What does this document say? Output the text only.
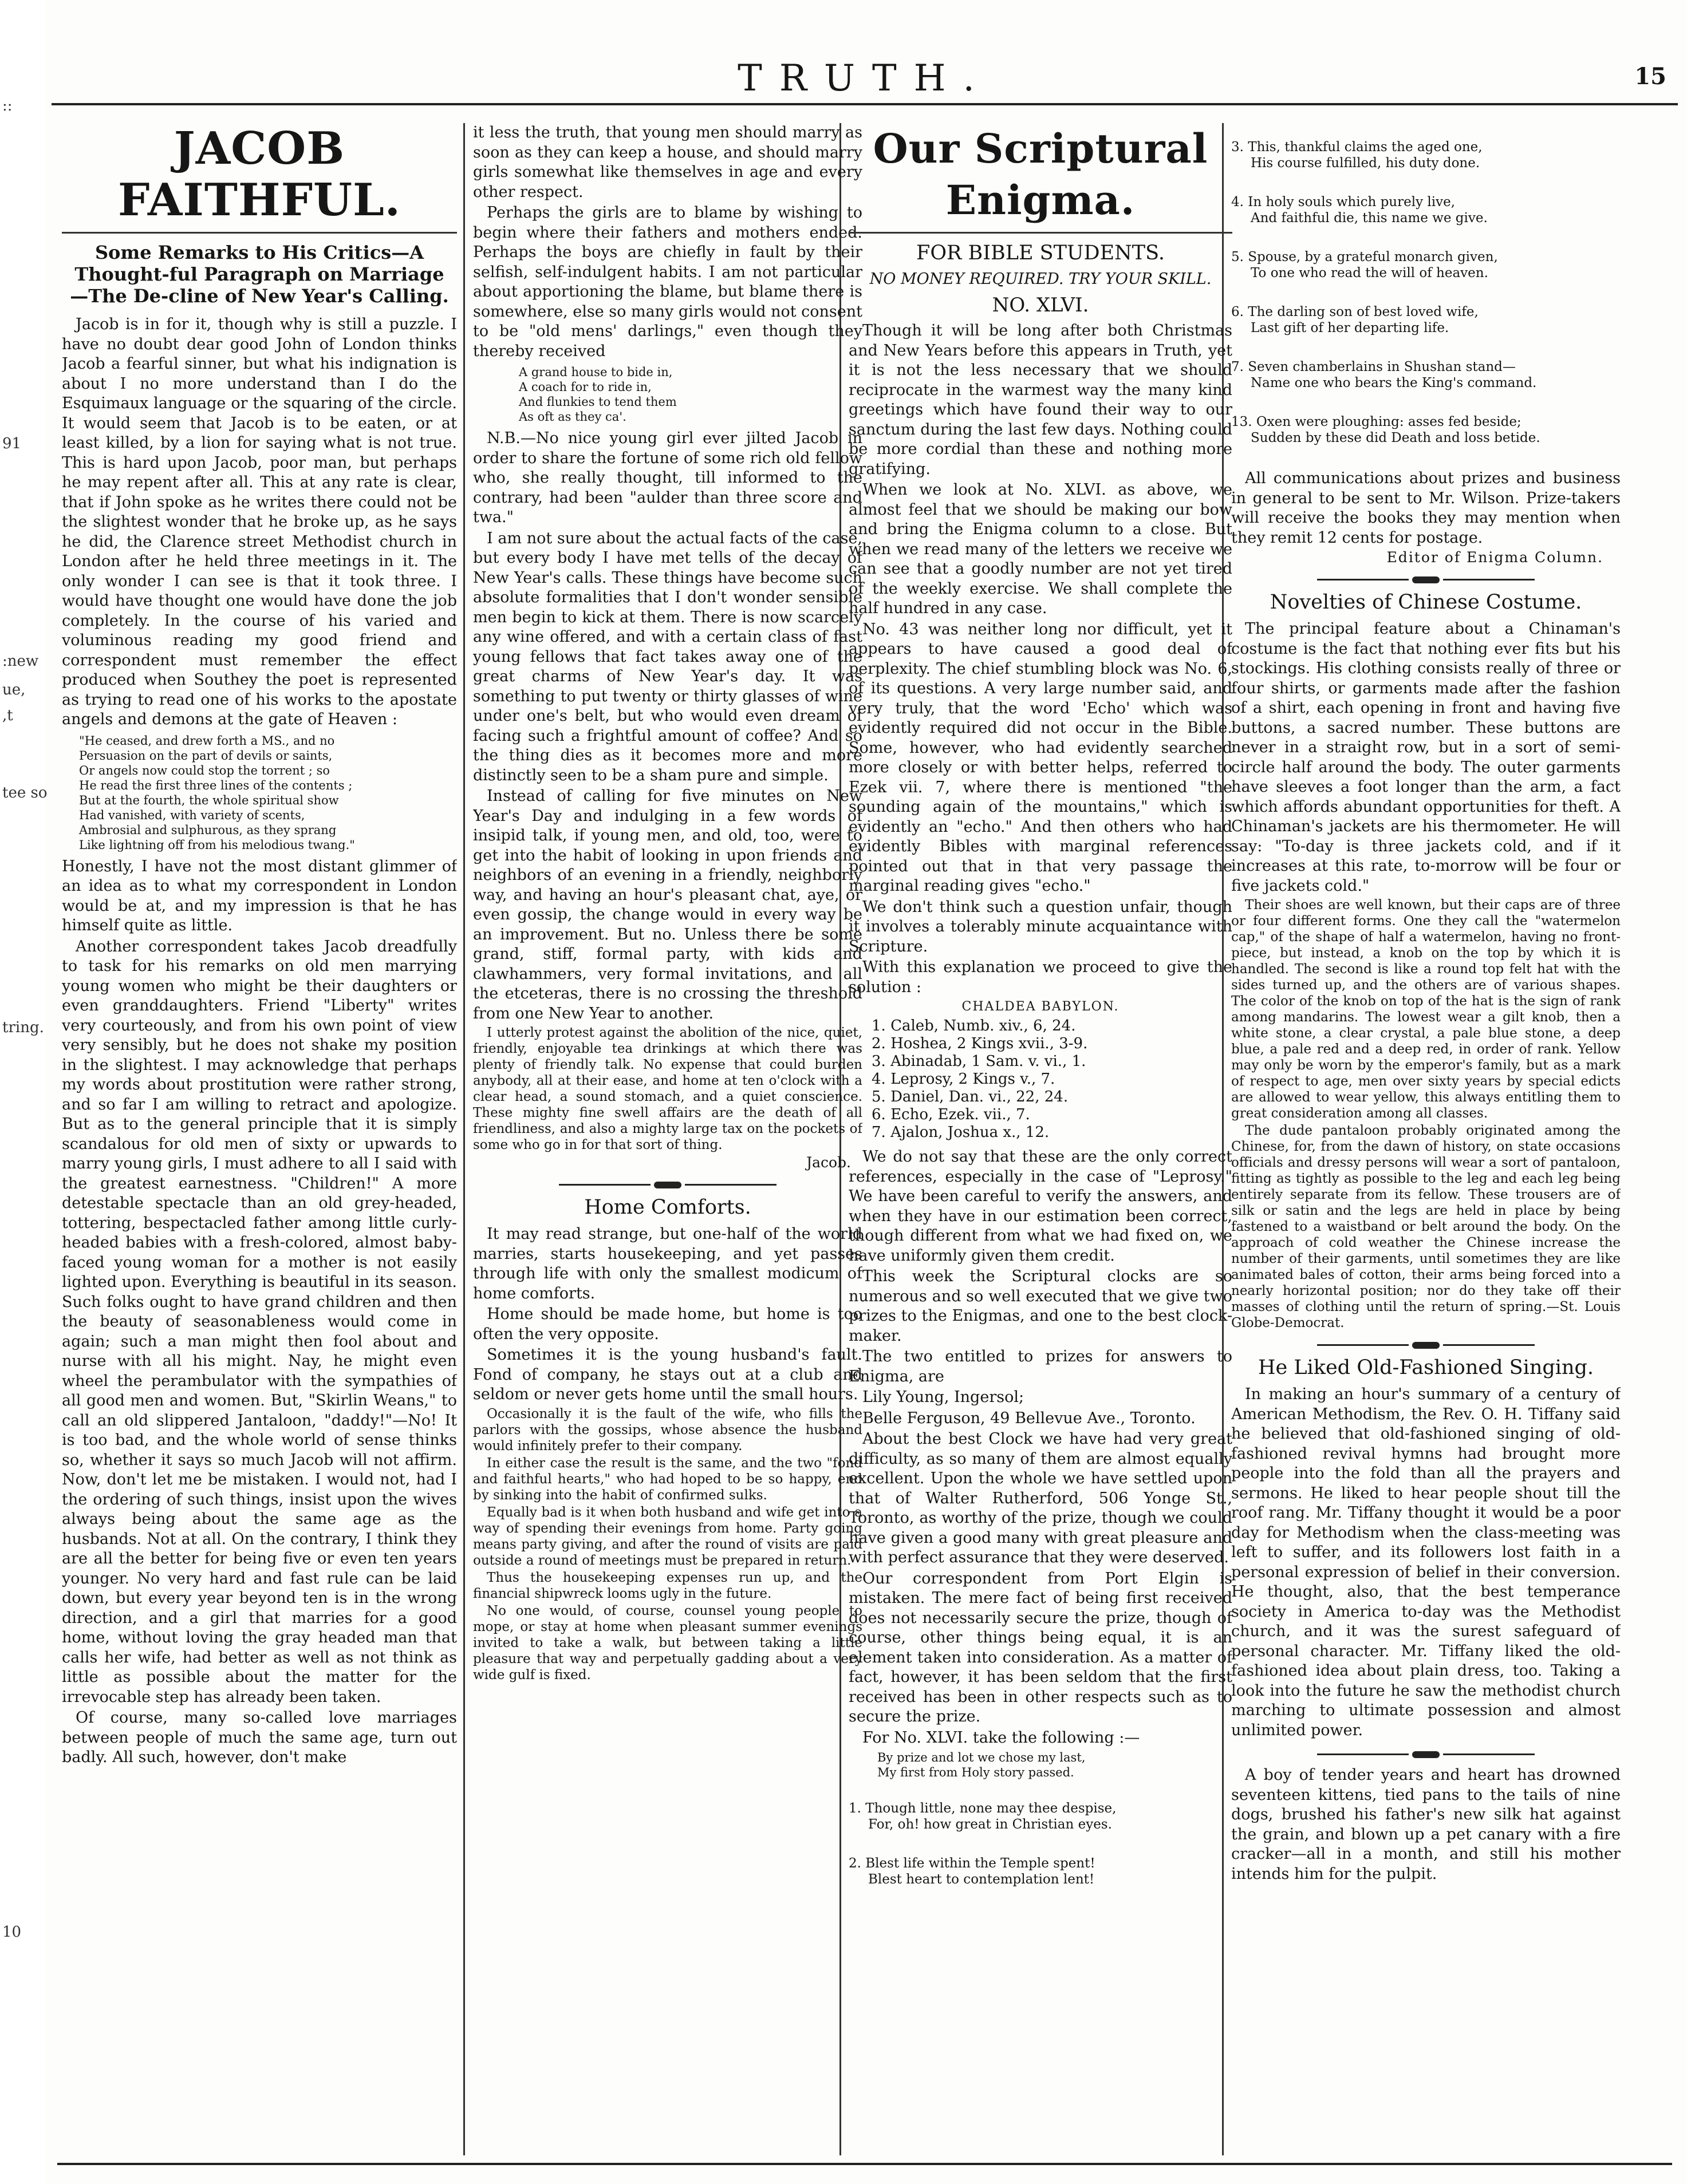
::
91
:new
ue,
,t
tee so
tring.
10
TRUTH.	15
JACOB FAITHFUL.
Some Remarks to His Critics—A Thought-ful Paragraph on Marriage—The De-cline of New Year's Calling.

Jacob is in for it, though why is still a puzzle. I have no doubt dear good John of London thinks Jacob a fearful sinner, but what his indignation is about I no more understand than I do the Esquimaux language or the squaring of the circle. It would seem that Jacob is to be eaten, or at least killed, by a lion for saying what is not true. This is hard upon Jacob, poor man, but perhaps he may repent after all. This at any rate is clear, that if John spoke as he writes there could not be the slightest wonder that he broke up, as he says he did, the Clarence street Methodist church in London after he held three meetings in it. The only wonder I can see is that it took three. I would have thought one would have done the job completely. In the course of his varied and voluminous reading my good friend and correspondent must remember the effect produced when Southey the poet is represented as trying to read one of his works to the apostate angels and demons at the gate of Heaven :

"He ceased, and drew forth a MS., and no
Persuasion on the part of devils or saints,
Or angels now could stop the torrent ; so
He read the first three lines of the contents ;
But at the fourth, the whole spiritual show
Had vanished, with variety of scents,
Ambrosial and sulphurous, as they sprang
Like lightning off from his melodious twang."

Honestly, I have not the most distant glimmer of an idea as to what my correspondent in London would be at, and my impression is that he has himself quite as little.

Another correspondent takes Jacob dreadfully to task for his remarks on old men marrying young women who might be their daughters or even granddaughters. Friend "Liberty" writes very courteously, and from his own point of view very sensibly, but he does not shake my position in the slightest. I may acknowledge that perhaps my words about prostitution were rather strong, and so far I am willing to retract and apologize. But as to the general principle that it is simply scandalous for old men of sixty or upwards to marry young girls, I must adhere to all I said with the greatest earnestness. "Children!" A more detestable spectacle than an old grey-headed, tottering, bespectacled father among little curly-headed babies with a fresh-colored, almost baby-faced young woman for a mother is not easily lighted upon. Everything is beautiful in its season. Such folks ought to have grand children and then the beauty of seasonableness would come in again; such a man might then fool about and nurse with all his might. Nay, he might even wheel the perambulator with the sympathies of all good men and women. But, "Skirlin Weans," to call an old slippered Jantaloon, "daddy!"—No! It is too bad, and the whole world of sense thinks so, whether it says so much Jacob will not affirm. Now, don't let me be mistaken. I would not, had I the ordering of such things, insist upon the wives always being about the same age as the husbands. Not at all. On the contrary, I think they are all the better for being five or even ten years younger. No very hard and fast rule can be laid down, but every year beyond ten is in the wrong direction, and a girl that marries for a good home, without loving the gray headed man that calls her wife, had better as well as not think as little as possible about the matter for the irrevocable step has already been taken.

Of course, many so-called love marriages between people of much the same age, turn out badly. All such, however, don't make

it less the truth, that young men should marry as soon as they can keep a house, and should marry girls somewhat like themselves in age and every other respect.

Perhaps the girls are to blame by wishing to begin where their fathers and mothers ended. Perhaps the boys are chiefly in fault by their selfish, self-indulgent habits. I am not particular about apportioning the blame, but blame there is somewhere, else so many girls would not consent to be "old mens' darlings," even though they thereby received

A grand house to bide in,
A coach for to ride in,
And flunkies to tend them
As oft as they ca'.

N.B.—No nice young girl ever jilted Jacob in order to share the fortune of some rich old fellow who, she really thought, till informed to the contrary, had been "aulder than three score and twa."

I am not sure about the actual facts of the case, but every body I have met tells of the decay of New Year's calls. These things have become such absolute formalities that I don't wonder sensible men begin to kick at them. There is now scarcely any wine offered, and with a certain class of fast young fellows that fact takes away one of the great charms of New Year's day. It was something to put twenty or thirty glasses of wine under one's belt, but who would even dream of facing such a frightful amount of coffee? And so the thing dies as it becomes more and more distinctly seen to be a sham pure and simple.

Instead of calling for five minutes on New Year's Day and indulging in a few words of insipid talk, if young men, and old, too, were to get into the habit of looking in upon friends and neighbors of an evening in a friendly, neighborly way, and having an hour's pleasant chat, aye, or even gossip, the change would in every way be an improvement. But no. Unless there be some grand, stiff, formal party, with kids and clawhammers, very formal invitations, and all the etceteras, there is no crossing the threshold from one New Year to another.

I utterly protest against the abolition of the nice, quiet, friendly, enjoyable tea drinkings at which there was plenty of friendly talk. No expense that could burden anybody, all at their ease, and home at ten o'clock with a clear head, a sound stomach, and a quiet conscience. These mighty fine swell affairs are the death of all friendliness, and also a mighty large tax on the pockets of some who go in for that sort of thing.

Jacob.
Home Comforts.

It may read strange, but one-half of the world marries, starts housekeeping, and yet passes through life with only the smallest modicum of home comforts.

Home should be made home, but home is too often the very opposite.

Sometimes it is the young husband's fault. Fond of company, he stays out at a club and seldom or never gets home until the small hours.

Occasionally it is the fault of the wife, who fills the parlors with the gossips, whose absence the husband would infinitely prefer to their company.

In either case the result is the same, and the two "fond and faithful hearts," who had hoped to be so happy, end by sinking into the habit of confirmed sulks.

Equally bad is it when both husband and wife get into a way of spending their evenings from home. Party going means party giving, and after the round of visits are paid outside a round of meetings must be prepared in return.

Thus the housekeeping expenses run up, and the financial shipwreck looms ugly in the future.

No one would, of course, counsel young people to mope, or stay at home when pleasant summer evenings invited to take a walk, but between taking a little pleasure that way and perpetually gadding about a very wide gulf is fixed.

Our Scriptural Enigma.
FOR BIBLE STUDENTS.
NO MONEY REQUIRED. TRY YOUR SKILL.
NO. XLVI.

Though it will be long after both Christmas and New Years before this appears in Truth, yet it is not the less necessary that we should reciprocate in the warmest way the many kind greetings which have found their way to our sanctum during the last few days. Nothing could be more cordial than these and nothing more gratifying.

When we look at No. XLVI. as above, we almost feel that we should be making our bow and bring the Enigma column to a close. But when we read many of the letters we receive we can see that a goodly number are not yet tired of the weekly exercise. We shall complete the half hundred in any case.

No. 43 was neither long nor difficult, yet it appears to have caused a good deal of perplexity. The chief stumbling block was No. 6, of its questions. A very large number said, and very truly, that the word 'Echo' which was evidently required did not occur in the Bible. Some, however, who had evidently searched more closely or with better helps, referred to Ezek vii. 7, where there is mentioned "the sounding again of the mountains," which is evidently an "echo." And then others who had evidently Bibles with marginal references pointed out that in that very passage the marginal reading gives "echo."

We don't think such a question unfair, though it involves a tolerably minute acquaintance with Scripture.

With this explanation we proceed to give the solution :

CHALDEA BABYLON.
1. Caleb, Numb. xiv., 6, 24.
2. Hoshea, 2 Kings xvii., 3-9.
3. Abinadab, 1 Sam. v. vi., 1.
4. Leprosy, 2 Kings v., 7.
5. Daniel, Dan. vi., 22, 24.
6. Echo, Ezek. vii., 7.
7. Ajalon, Joshua x., 12.

We do not say that these are the only correct references, especially in the case of "Leprosy." We have been careful to verify the answers, and when they have in our estimation been correct, though different from what we had fixed on, we have uniformly given them credit.

This week the Scriptural clocks are so numerous and so well executed that we give two prizes to the Enigmas, and one to the best clock-maker.

The two entitled to prizes for answers to Enigma, are

Lily Young, Ingersol;

Belle Ferguson, 49 Bellevue Ave., Toronto.

About the best Clock we have had very great difficulty, as so many of them are almost equally excellent. Upon the whole we have settled upon that of Walter Rutherford, 506 Yonge St., Toronto, as worthy of the prize, though we could have given a good many with great pleasure and with perfect assurance that they were deserved.

Our correspondent from Port Elgin is mistaken. The mere fact of being first received does not necessarily secure the prize, though of course, other things being equal, it is an element taken into consideration. As a matter of fact, however, it has been seldom that the first received has been in other respects such as to secure the prize.

For No. XLVI. take the following :—

By prize and lot we chose my last,
My first from Holy story passed.

1. Though little, none may thee despise,
For, oh! how great in Christian eyes.

2. Blest life within the Temple spent!
Blest heart to contemplation lent!

3. This, thankful claims the aged one,
His course fulfilled, his duty done.

4. In holy souls which purely live,
And faithful die, this name we give.

5. Spouse, by a grateful monarch given,
To one who read the will of heaven.

6. The darling son of best loved wife,
Last gift of her departing life.

7. Seven chamberlains in Shushan stand—
Name one who bears the King's command.

13. Oxen were ploughing: asses fed beside;
Sudden by these did Death and loss betide.

All communications about prizes and business in general to be sent to Mr. Wilson. Prize-takers will receive the books they may mention when they remit 12 cents for postage.

Editor of Enigma Column.
Novelties of Chinese Costume.

The principal feature about a Chinaman's costume is the fact that nothing ever fits but his stockings. His clothing consists really of three or four shirts, or garments made after the fashion of a shirt, each opening in front and having five buttons, a sacred number. These buttons are never in a straight row, but in a sort of semi-circle half around the body. The outer garments have sleeves a foot longer than the arm, a fact which affords abundant opportunities for theft. A Chinaman's jackets are his thermometer. He will say: "To-day is three jackets cold, and if it increases at this rate, to-morrow will be four or five jackets cold."

Their shoes are well known, but their caps are of three or four different forms. One they call the "watermelon cap," of the shape of half a watermelon, having no front-piece, but instead, a knob on the top by which it is handled. The second is like a round top felt hat with the sides turned up, and the others are of various shapes. The color of the knob on top of the hat is the sign of rank among mandarins. The lowest wear a gilt knob, then a white stone, a clear crystal, a pale blue stone, a deep blue, a pale red and a deep red, in order of rank. Yellow may only be worn by the emperor's family, but as a mark of respect to age, men over sixty years by special edicts are allowed to wear yellow, this always entitling them to great consideration among all classes.

The dude pantaloon probably originated among the Chinese, for, from the dawn of history, on state occasions officials and dressy persons will wear a sort of pantaloon, fitting as tightly as possible to the leg and each leg being entirely separate from its fellow. These trousers are of silk or satin and the legs are held in place by being fastened to a waistband or belt around the body. On the approach of cold weather the Chinese increase the number of their garments, until sometimes they are like animated bales of cotton, their arms being forced into a nearly horizontal position; nor do they take off their masses of clothing until the return of spring.—St. Louis Globe-Democrat.

He Liked Old-Fashioned Singing.

In making an hour's summary of a century of American Methodism, the Rev. O. H. Tiffany said he believed that old-fashioned singing of old-fashioned revival hymns had brought more people into the fold than all the prayers and sermons. He liked to hear people shout till the roof rang. Mr. Tiffany thought it would be a poor day for Methodism when the class-meeting was left to suffer, and its followers lost faith in a personal expression of belief in their conversion. He thought, also, that the best temperance society in America to-day was the Methodist church, and it was the surest safeguard of personal character. Mr. Tiffany liked the old-fashioned idea about plain dress, too. Taking a look into the future he saw the methodist church marching to ultimate possession and almost unlimited power.

A boy of tender years and heart has drowned seventeen kittens, tied pans to the tails of nine dogs, brushed his father's new silk hat against the grain, and blown up a pet canary with a fire cracker—all in a month, and still his mother intends him for the pulpit.
